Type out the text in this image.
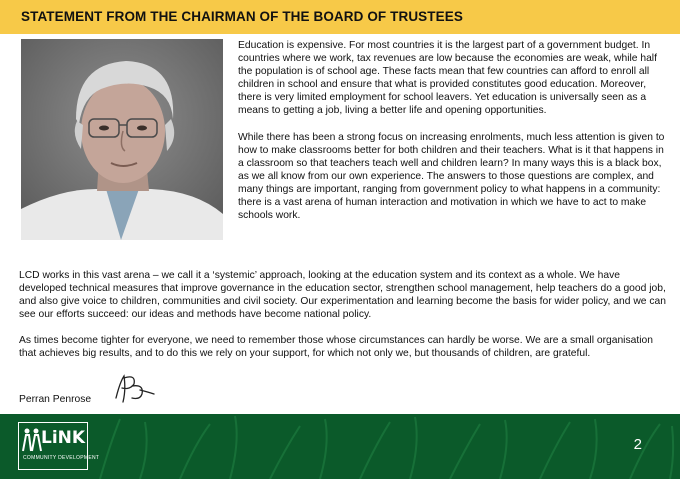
STATEMENT FROM THE CHAIRMAN OF THE BOARD OF TRUSTEES

Education is expensive. For most countries it is the largest part of a government budget. In countries where we work, tax revenues are low because the economies are weak, while half the population is of school age. These facts mean that few countries can afford to enroll all children in school and ensure that what is provided constitutes good education. Moreover, there is very limited employment for school leavers. Yet education is universally seen as a means to getting a job, living a better life and opening opportunities.

While there has been a strong focus on increasing enrolments, much less attention is given to how to make classrooms better for both children and their teachers. What is it that happens in a classroom so that teachers teach well and children learn? In many ways this is a black box, as we all know from our own experience. The answers to those questions are complex, and many things are important, ranging from government policy to what happens in a community: there is a vast arena of human interaction and motivation in which we have to act to make schools work.

LCD works in this vast arena – we call it a ‘systemic’ approach, looking at the education system and its context as a whole. We have developed technical measures that improve governance in the education sector, strengthen school management, help teachers do a good job, and also give voice to children, communities and civil society. Our experimentation and learning become the basis for wider policy, and we can see our efforts succeed: our ideas and methods have become national policy.

As times become tighter for everyone, we need to remember those whose circumstances can hardly be worse. We are a small organisation that achieves big results, and to do this we rely on your support, for which not only we, but thousands of children, are grateful.

Perran Penrose
LiNK
COMMUNITY DEVELOPMENT
2
